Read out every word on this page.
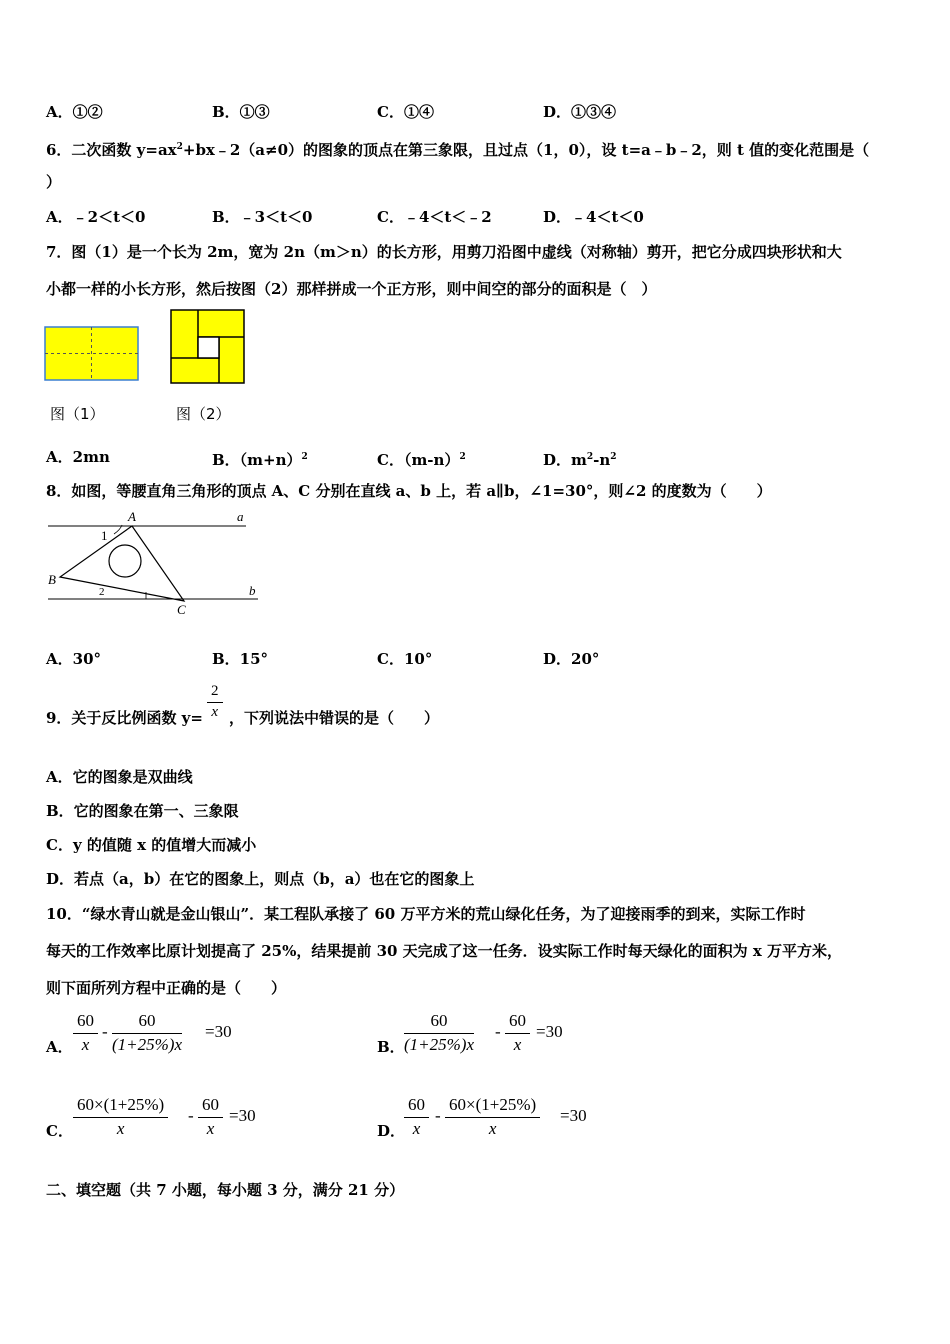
A．①②	B．①③	C．①④	D．①③④
6．二次函数 $y=ax^2+bx﹣2(a\ne 0)$的图象的顶点在第三象限，且过点（1，0），设 t=a﹣b﹣2，则 t 值的变化范围是（
）
A．﹣2＜t＜0	B．﹣3＜t＜0	C．﹣4＜t＜﹣2	D．﹣4＜t＜0
7．图（1）是一个长为 2m，宽为 2n（m＞n）的长方形，用剪刀沿图中虚线（对称轴）剪开，把它分成四块形状和大
小都一样的小长方形，然后按图（2）那样拼成一个正方形，则中间空的部分的面积是（　）
图（1）	图（2）
A．2mn	B．$(m+n)^2$	C．$(m-n)^2$	D．$m^2-n^2$
8．如图，等腰直角三角形的顶点 A、C 分别在直线 a、b 上，若 a∥b，∠1=30°，则∠2 的度数为（　　）
A	a
B
b
C
1
2
A．30°	B．15°	C．10°	D．20°
9．关于反比例函数 $y= \frac{2}{x}$ ，下列说法中错误的是（　　）
A．它的图象是双曲线
B．它的图象在第一、三象限
C．y 的值随 x 的值增大而减小
D．若点（a，b）在它的图象上，则点（b，a）也在它的图象上
10．“绿水青山就是金山银山”．某工程队承接了 60 万平方米的荒山绿化任务，为了迎接雨季的到来，实际工作时
每天的工作效率比原计划提高了 25%，结果提前 30 天完成了这一任务．设实际工作时每天绿化的面积为 x 万平方米，
则下面所列方程中正确的是（　　）
A． $\frac{60}{x} - \frac{60}{(1+25\%)x} =30$
B． $\frac{60}{(1+25\%)x} - \frac{60}{x} =30$
C． $\frac{60\times(1+25\%)}{x} - \frac{60}{x} =30$
D．
$\frac{60}{x} - \frac{60\times(1+25\%)}{x} =30$
二、填空题（共 7 小题，每小题 3 分，满分 21 分）
